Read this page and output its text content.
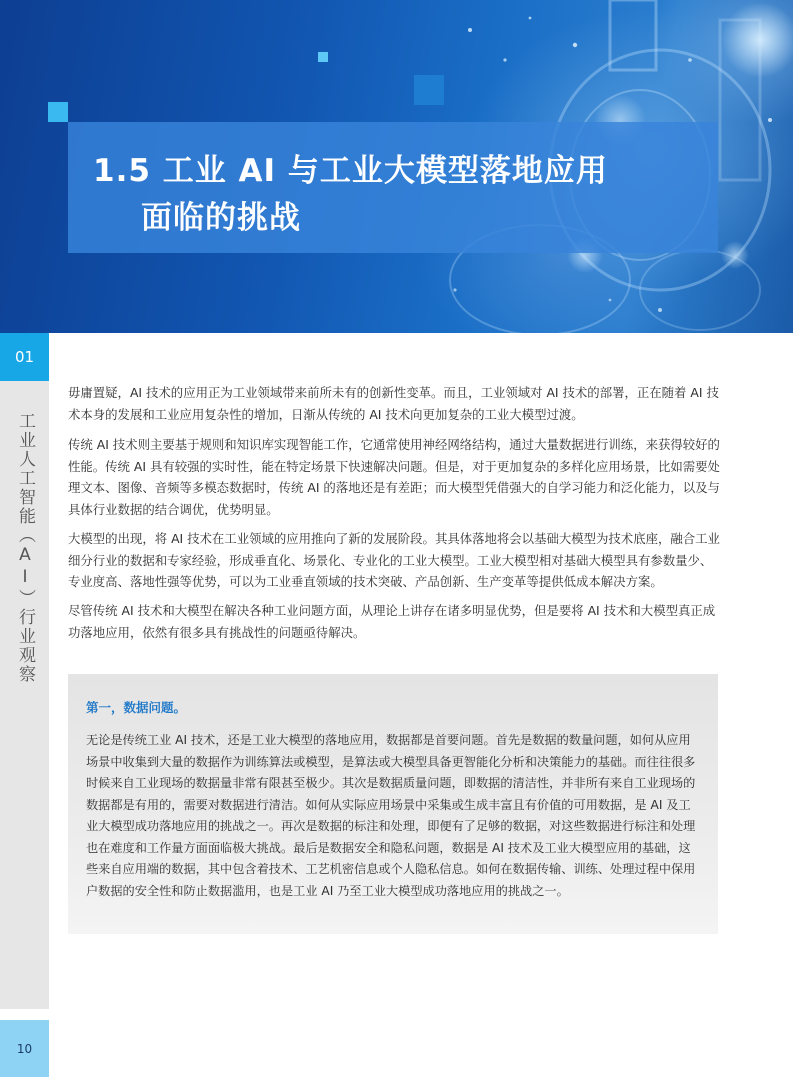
1.5 工业 AI 与工业大模型落地应用
面临的挑战
01
工业人工智能（AI）行业观察
10

毋庸置疑，AI 技术的应用正为工业领域带来前所未有的创新性变革。而且，工业领域对 AI 技术的部署，正在随着 AI 技术本身的发展和工业应用复杂性的增加，日渐从传统的 AI 技术向更加复杂的工业大模型过渡。

传统 AI 技术则主要基于规则和知识库实现智能工作，它通常使用神经网络结构，通过大量数据进行训练，来获得较好的性能。传统 AI 具有较强的实时性，能在特定场景下快速解决问题。但是，对于更加复杂的多样化应用场景，比如需要处理文本、图像、音频等多模态数据时，传统 AI 的落地还是有差距；而大模型凭借强大的自学习能力和泛化能力，以及与具体行业数据的结合调优，优势明显。

大模型的出现，将 AI 技术在工业领域的应用推向了新的发展阶段。其具体落地将会以基础大模型为技术底座，融合工业细分行业的数据和专家经验，形成垂直化、场景化、专业化的工业大模型。工业大模型相对基础大模型具有参数量少、专业度高、落地性强等优势，可以为工业垂直领域的技术突破、产品创新、生产变革等提供低成本解决方案。

尽管传统 AI 技术和大模型在解决各种工业问题方面，从理论上讲存在诸多明显优势，但是要将 AI 技术和大模型真正成功落地应用，依然有很多具有挑战性的问题亟待解决。

第一，数据问题。

无论是传统工业 AI 技术，还是工业大模型的落地应用，数据都是首要问题。首先是数据的数量问题，如何从应用场景中收集到大量的数据作为训练算法或模型，是算法或大模型具备更智能化分析和决策能力的基础。而往往很多时候来自工业现场的数据量非常有限甚至极少。其次是数据质量问题，即数据的清洁性，并非所有来自工业现场的数据都是有用的，需要对数据进行清洁。如何从实际应用场景中采集或生成丰富且有价值的可用数据，是 AI 及工业大模型成功落地应用的挑战之一。再次是数据的标注和处理，即便有了足够的数据，对这些数据进行标注和处理也在难度和工作量方面面临极大挑战。最后是数据安全和隐私问题，数据是 AI 技术及工业大模型应用的基础，这些来自应用端的数据，其中包含着技术、工艺机密信息或个人隐私信息。如何在数据传输、训练、处理过程中保用户数据的安全性和防止数据滥用，也是工业 AI 乃至工业大模型成功落地应用的挑战之一。
